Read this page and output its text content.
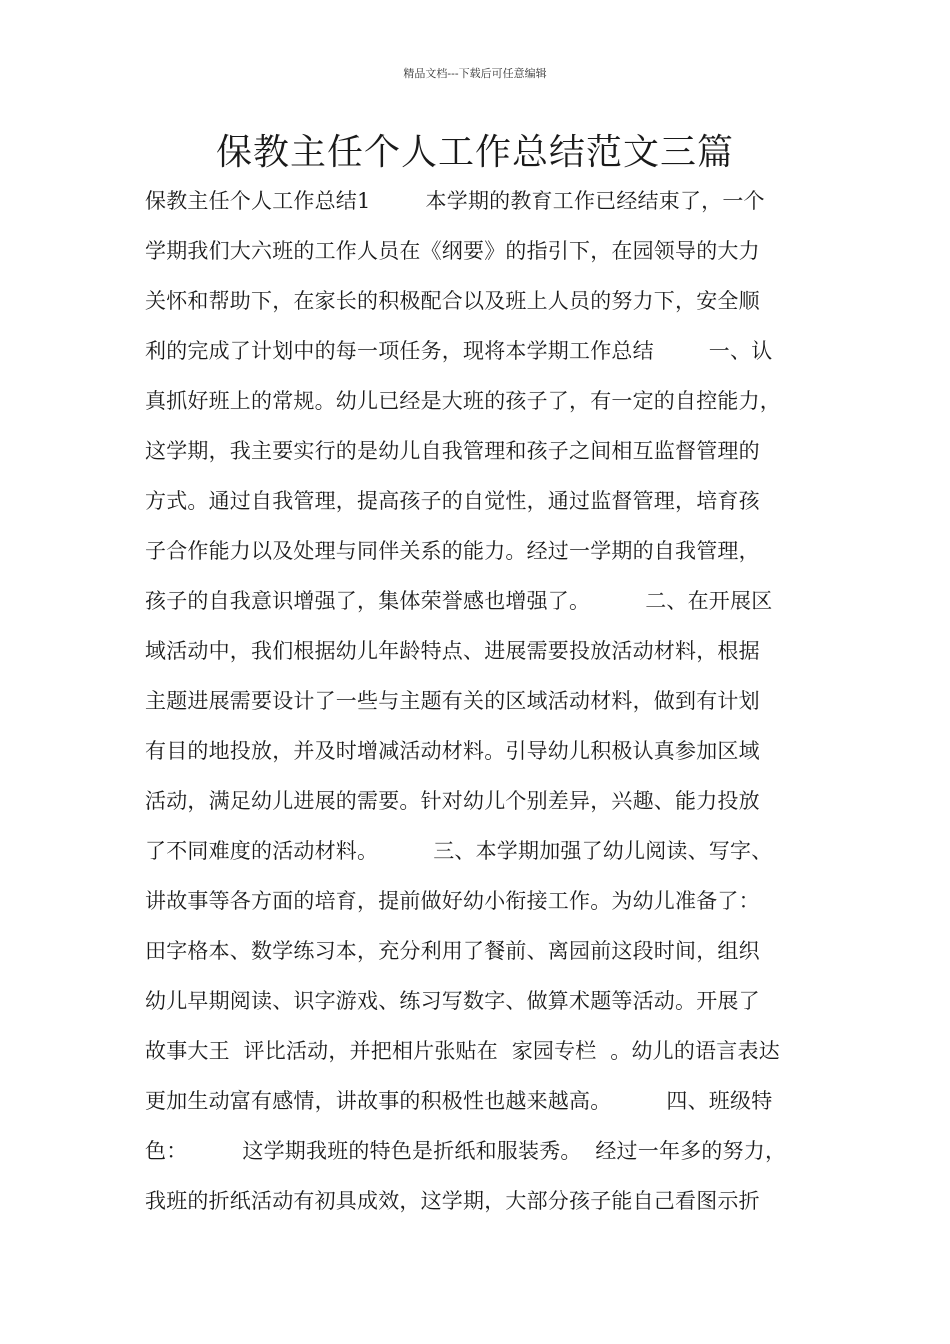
精品文档---下载后可任意编辑
保教主任个人工作总结范文三篇
保教主任个人工作总结1        本学期的教育工作已经结束了，一个
学期我们大六班的工作人员在《纲要》的指引下，在园领导的大力
关怀和帮助下，在家长的积极配合以及班上人员的努力下，安全顺
利的完成了计划中的每一项任务，现将本学期工作总结        一、认
真抓好班上的常规。幼儿已经是大班的孩子了，有一定的自控能力，
这学期，我主要实行的是幼儿自我管理和孩子之间相互监督管理的
方式。通过自我管理，提高孩子的自觉性，通过监督管理，培育孩
子合作能力以及处理与同伴关系的能力。经过一学期的自我管理，
孩子的自我意识增强了，集体荣誉感也增强了。        二、在开展区
域活动中，我们根据幼儿年龄特点、进展需要投放活动材料，根据
主题进展需要设计了一些与主题有关的区域活动材料，做到有计划
有目的地投放，并及时增减活动材料。引导幼儿积极认真参加区域
活动，满足幼儿进展的需要。针对幼儿个别差异，兴趣、能力投放
了不同难度的活动材料。        三、本学期加强了幼儿阅读、写字、
讲故事等各方面的培育，提前做好幼小衔接工作。为幼儿准备了：
田字格本、数学练习本，充分利用了餐前、离园前这段时间，组织
幼儿早期阅读、识字游戏、练习写数字、做算术题等活动。开展了
故事大王  评比活动，并把相片张贴在  家园专栏  。幼儿的语言表达
更加生动富有感情，讲故事的积极性也越来越高。        四、班级特
色：        这学期我班的特色是折纸和服装秀。  经过一年多的努力，
我班的折纸活动有初具成效，这学期，大部分孩子能自己看图示折
